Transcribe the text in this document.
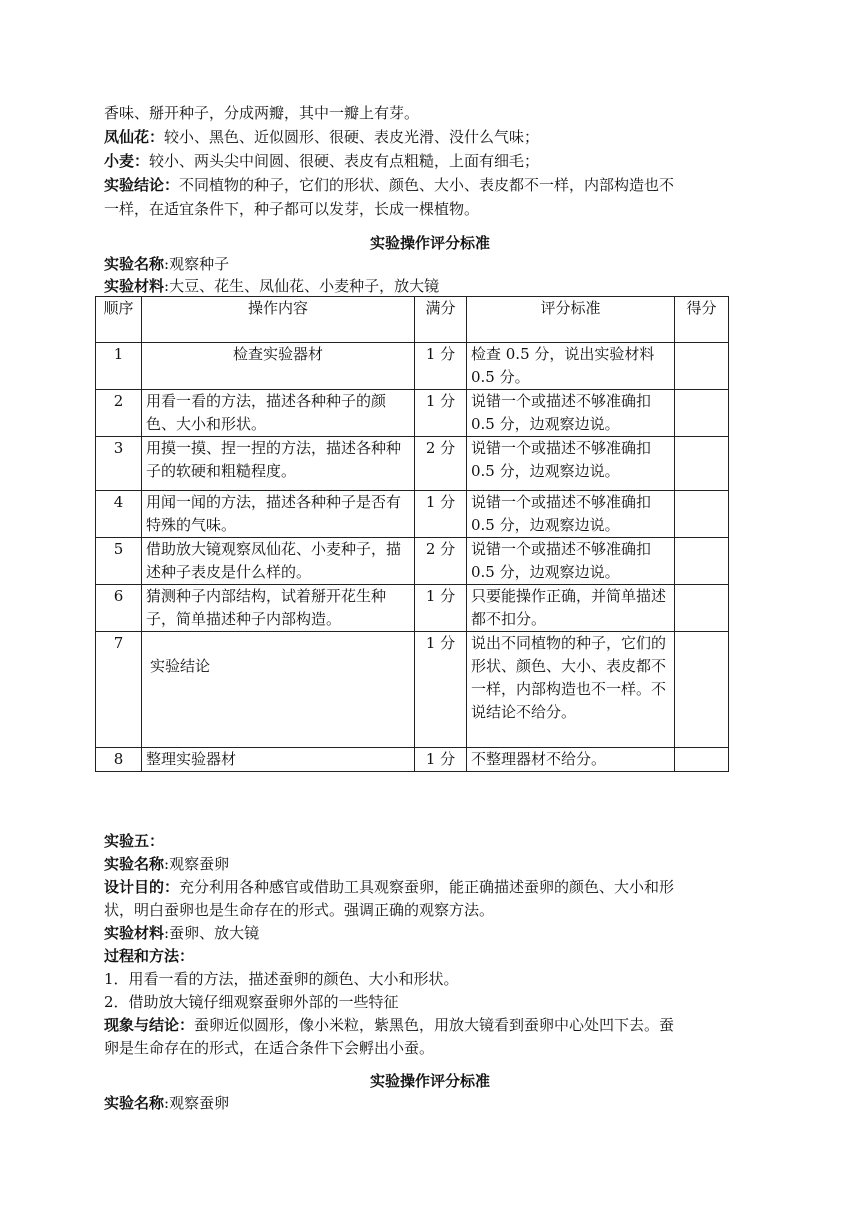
香味、掰开种子，分成两瓣，其中一瓣上有芽。
凤仙花：较小、黑色、近似圆形、很硬、表皮光滑、没什么气味；
小麦：较小、两头尖中间圆、很硬、表皮有点粗糙，上面有细毛；
实验结论：不同植物的种子，它们的形状、颜色、大小、表皮都不一样，内部构造也不
一样，在适宜条件下，种子都可以发芽，长成一棵植物。
实验操作评分标准
实验名称:观察种子
实验材料:大豆、花生、凤仙花、小麦种子，放大镜
顺序	操作内容	满分	评分标准	得分
1	检查实验器材	1 分	检查 0.5 分，说出实验材料 0.5 分。	
2	用看一看的方法，描述各种种子的颜色、大小和形状。	1 分	说错一个或描述不够准确扣 0.5 分，边观察边说。	
3	用摸一摸、捏一捏的方法，描述各种种子的软硬和粗糙程度。	2 分	说错一个或描述不够准确扣 0.5 分，边观察边说。	
4	用闻一闻的方法，描述各种种子是否有特殊的气味。	1 分	说错一个或描述不够准确扣 0.5 分，边观察边说。	
5	借助放大镜观察凤仙花、小麦种子，描述种子表皮是什么样的。	2 分	说错一个或描述不够准确扣 0.5 分，边观察边说。	
6	猜测种子内部结构，试着掰开花生种子，简单描述种子内部构造。	1 分	只要能操作正确，并简单描述都不扣分。	
7	实验结论	1 分	说出不同植物的种子，它们的形状、颜色、大小、表皮都不一样，内部构造也不一样。不说结论不给分。	
8	整理实验器材	1 分	不整理器材不给分。	
实验五：
实验名称:观察蚕卵
设计目的：充分利用各种感官或借助工具观察蚕卵，能正确描述蚕卵的颜色、大小和形
状，明白蚕卵也是生命存在的形式。强调正确的观察方法。
实验材料:蚕卵、放大镜
过程和方法：
1．用看一看的方法，描述蚕卵的颜色、大小和形状。
2．借助放大镜仔细观察蚕卵外部的一些特征
现象与结论：蚕卵近似圆形，像小米粒，紫黑色，用放大镜看到蚕卵中心处凹下去。蚕
卵是生命存在的形式，在适合条件下会孵出小蚕。
实验操作评分标准
实验名称:观察蚕卵
